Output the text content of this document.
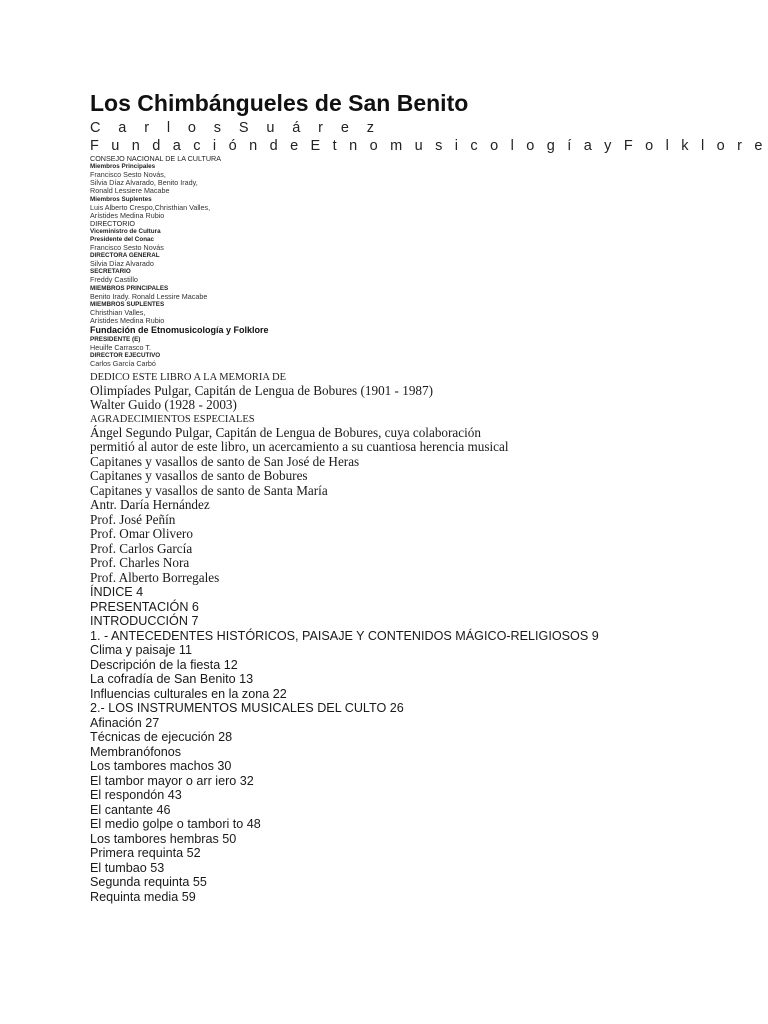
Los Chimbángueles de San Benito
C a r l o s S u á r e z
F u n d a c i ó n d e E t n o m u s i c o l o g í a y F o l k l o r e
CONSEJO NACIONAL DE LA CULTURA
Miembros Principales
Francisco Sesto Novás,
Silvia Díaz Alvarado, Benito Irady,
Ronald Lessiere Macabe
Miembros Suplentes
Luis Alberto Crespo,Christhian Valles,
Arístides Medina Rubio
DIRECTORIO
Viceministro de Cultura
Presidente del Conac
Francisco Sesto Novás
DIRECTORA GENERAL
Silvia Díaz Alvarado
SECRETARIO
Freddy Castillo
MIEMBROS PRINCIPALES
Benito Irady. Ronald Lessire Macabe
MIEMBROS SUPLENTES
Christhian Valles,
Arístides Medina Rubio
Fundación de Etnomusicología y Folklore
PRESIDENTE (E)
Heuilfe Carrasco T.
DIRECTOR EJECUTIVO
Carlos García Carbó
DEDICO ESTE LIBRO A LA MEMORIA DE
Olimpíades Pulgar, Capitán de Lengua de Bobures (1901 - 1987)
Walter Guido (1928 - 2003)
AGRADECIMIENTOS ESPECIALES
Ángel Segundo Pulgar, Capitán de Lengua de Bobures, cuya colaboración
permitió al autor de este libro, un acercamiento a su cuantiosa herencia musical
Capitanes y vasallos de santo de San José de Heras
Capitanes y vasallos de santo de Bobures
Capitanes y vasallos de santo de Santa María
Antr. Daría Hernández
Prof. José Peñín
Prof. Omar Olivero
Prof. Carlos García
Prof. Charles Nora
Prof. Alberto Borregales
ÍNDICE 4
PRESENTACIÓN 6
INTRODUCCIÓN 7
1. - ANTECEDENTES HISTÓRICOS, PAISAJE Y CONTENIDOS MÁGICO-RELIGIOSOS 9
Clima y paisaje 11
Descripción de la fiesta 12
La cofradía de San Benito 13
Influencias culturales en la zona 22
2.- LOS INSTRUMENTOS MUSICALES DEL CULTO 26
Afinación 27
Técnicas de ejecución 28
Membranófonos
Los tambores machos 30
El tambor mayor o arr iero 32
El respondón 43
El cantante 46
El medio golpe o tambori to 48
Los tambores hembras 50
Primera requinta 52
El tumbao 53
Segunda requinta 55
Requinta media 59
